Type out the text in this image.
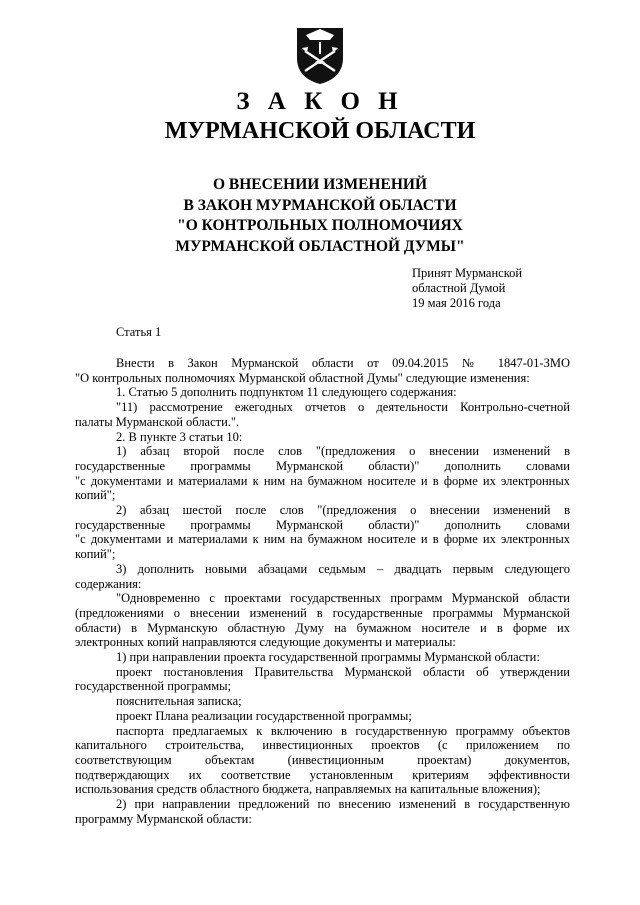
З А К О Н
МУРМАНСКОЙ ОБЛАСТИ
О ВНЕСЕНИИ ИЗМЕНЕНИЙ
В ЗАКОН МУРМАНСКОЙ ОБЛАСТИ
"О КОНТРОЛЬНЫХ ПОЛНОМОЧИЯХ
МУРМАНСКОЙ ОБЛАСТНОЙ ДУМЫ"
Принят Мурманской
областной Думой
19 мая 2016 года
Статья 1
Внести в Закон Мурманской области от 09.04.2015 № 1847-01-ЗМО
"О контрольных полномочиях Мурманской областной Думы" следующие изменения:
1. Статью 5 дополнить подпунктом 11 следующего содержания:
"11) рассмотрение ежегодных отчетов о деятельности Контрольно-счетной
палаты Мурманской области.".
2. В пункте 3 статьи 10:
1) абзац второй после слов "(предложения о внесении изменений в
государственные программы Мурманской области)" дополнить словами
"с документами и материалами к ним на бумажном носителе и в форме их электронных
копий";
2) абзац шестой после слов "(предложения о внесении изменений в
государственные программы Мурманской области)" дополнить словами
"с документами и материалами к ним на бумажном носителе и в форме их электронных
копий";
3) дополнить новыми абзацами седьмым – двадцать первым следующего
содержания:
"Одновременно с проектами государственных программ Мурманской области
(предложениями о внесении изменений в государственные программы Мурманской
области) в Мурманскую областную Думу на бумажном носителе и в форме их
электронных копий направляются следующие документы и материалы:
1) при направлении проекта государственной программы Мурманской области:
проект постановления Правительства Мурманской области об утверждении
государственной программы;
пояснительная записка;
проект Плана реализации государственной программы;
паспорта предлагаемых к включению в государственную программу объектов
капитального строительства, инвестиционных проектов (с приложением по
соответствующим объектам (инвестиционным проектам) документов,
подтверждающих их соответствие установленным критериям эффективности
использования средств областного бюджета, направляемых на капитальные вложения);
2) при направлении предложений по внесению изменений в государственную
программу Мурманской области:
